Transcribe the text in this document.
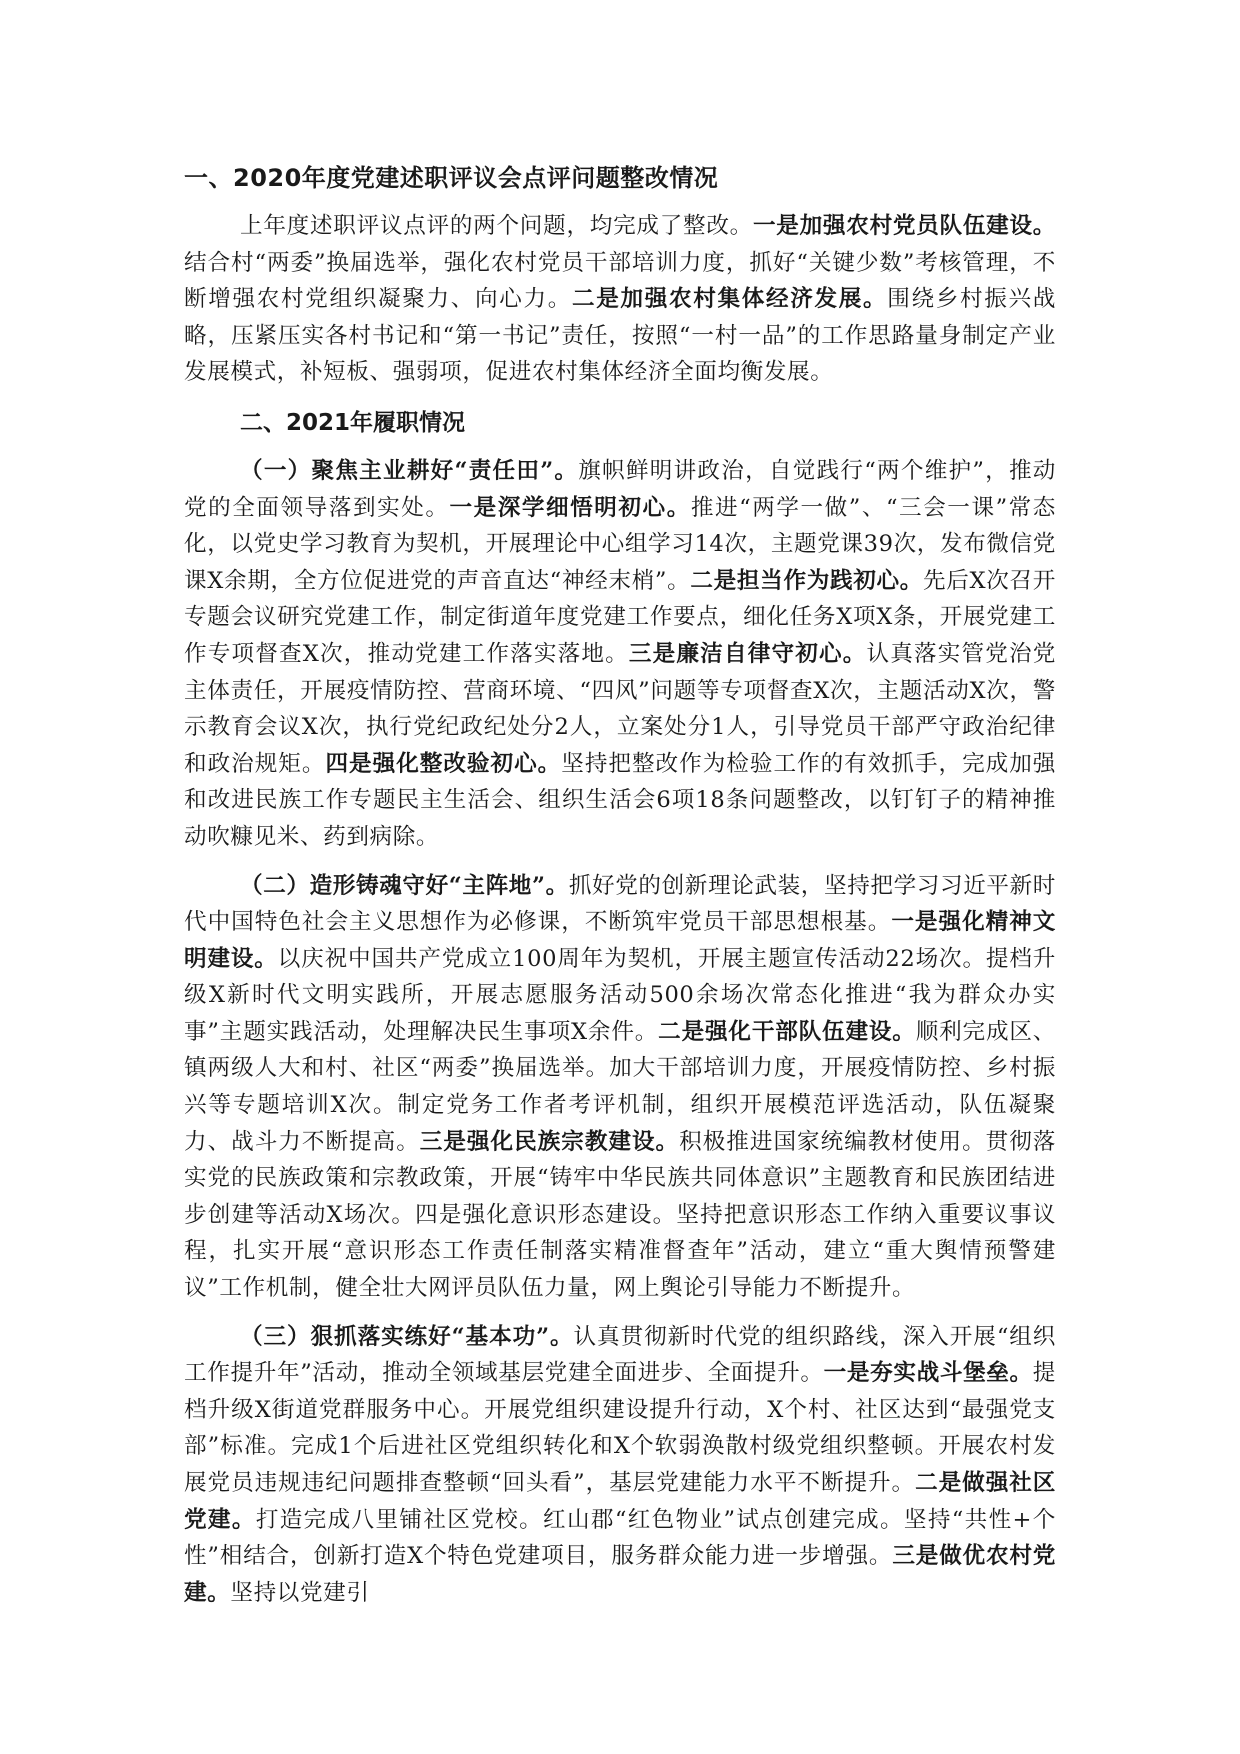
一、2020年度党建述职评议会点评问题整改情况

上年度述职评议点评的两个问题，均完成了整改。一是加强农村党员队伍建设。结合村“两委”换届选举，强化农村党员干部培训力度，抓好“关键少数”考核管理，不断增强农村党组织凝聚力、向心力。二是加强农村集体经济发展。围绕乡村振兴战略，压紧压实各村书记和“第一书记”责任，按照“一村一品”的工作思路量身制定产业发展模式，补短板、强弱项，促进农村集体经济全面均衡发展。

二、2021年履职情况

（一）聚焦主业耕好“责任田”。旗帜鲜明讲政治，自觉践行“两个维护”，推动党的全面领导落到实处。一是深学细悟明初心。推进“两学一做”、“三会一课”常态化，以党史学习教育为契机，开展理论中心组学习14次，主题党课39次，发布微信党课X余期，全方位促进党的声音直达“神经末梢”。二是担当作为践初心。先后X次召开专题会议研究党建工作，制定街道年度党建工作要点，细化任务X项X条，开展党建工作专项督查X次，推动党建工作落实落地。三是廉洁自律守初心。认真落实管党治党主体责任，开展疫情防控、营商环境、“四风”问题等专项督查X次，主题活动X次，警示教育会议X次，执行党纪政纪处分2人，立案处分1人，引导党员干部严守政治纪律和政治规矩。四是强化整改验初心。坚持把整改作为检验工作的有效抓手，完成加强和改进民族工作专题民主生活会、组织生活会6项18条问题整改，以钉钉子的精神推动吹糠见米、药到病除。

（二）造形铸魂守好“主阵地”。抓好党的创新理论武装，坚持把学习习近平新时代中国特色社会主义思想作为必修课，不断筑牢党员干部思想根基。一是强化精神文明建设。以庆祝中国共产党成立100周年为契机，开展主题宣传活动22场次。提档升级X新时代文明实践所，开展志愿服务活动500余场次常态化推进“我为群众办实事”主题实践活动，处理解决民生事项X余件。二是强化干部队伍建设。顺利完成区、镇两级人大和村、社区“两委”换届选举。加大干部培训力度，开展疫情防控、乡村振兴等专题培训X次。制定党务工作者考评机制，组织开展模范评选活动，队伍凝聚力、战斗力不断提高。三是强化民族宗教建设。积极推进国家统编教材使用。贯彻落实党的民族政策和宗教政策，开展“铸牢中华民族共同体意识”主题教育和民族团结进步创建等活动X场次。四是强化意识形态建设。坚持把意识形态工作纳入重要议事议程，扎实开展“意识形态工作责任制落实精准督查年”活动，建立“重大舆情预警建议”工作机制，健全壮大网评员队伍力量，网上舆论引导能力不断提升。

（三）狠抓落实练好“基本功”。认真贯彻新时代党的组织路线，深入开展“组织工作提升年”活动，推动全领域基层党建全面进步、全面提升。一是夯实战斗堡垒。提档升级X街道党群服务中心。开展党组织建设提升行动，X个村、社区达到“最强党支部”标准。完成1个后进社区党组织转化和X个软弱涣散村级党组织整顿。开展农村发展党员违规违纪问题排查整顿“回头看”，基层党建能力水平不断提升。二是做强社区党建。打造完成八里铺社区党校。红山郡“红色物业”试点创建完成。坚持“共性+个性”相结合，创新打造X个特色党建项目，服务群众能力进一步增强。三是做优农村党建。坚持以党建引
